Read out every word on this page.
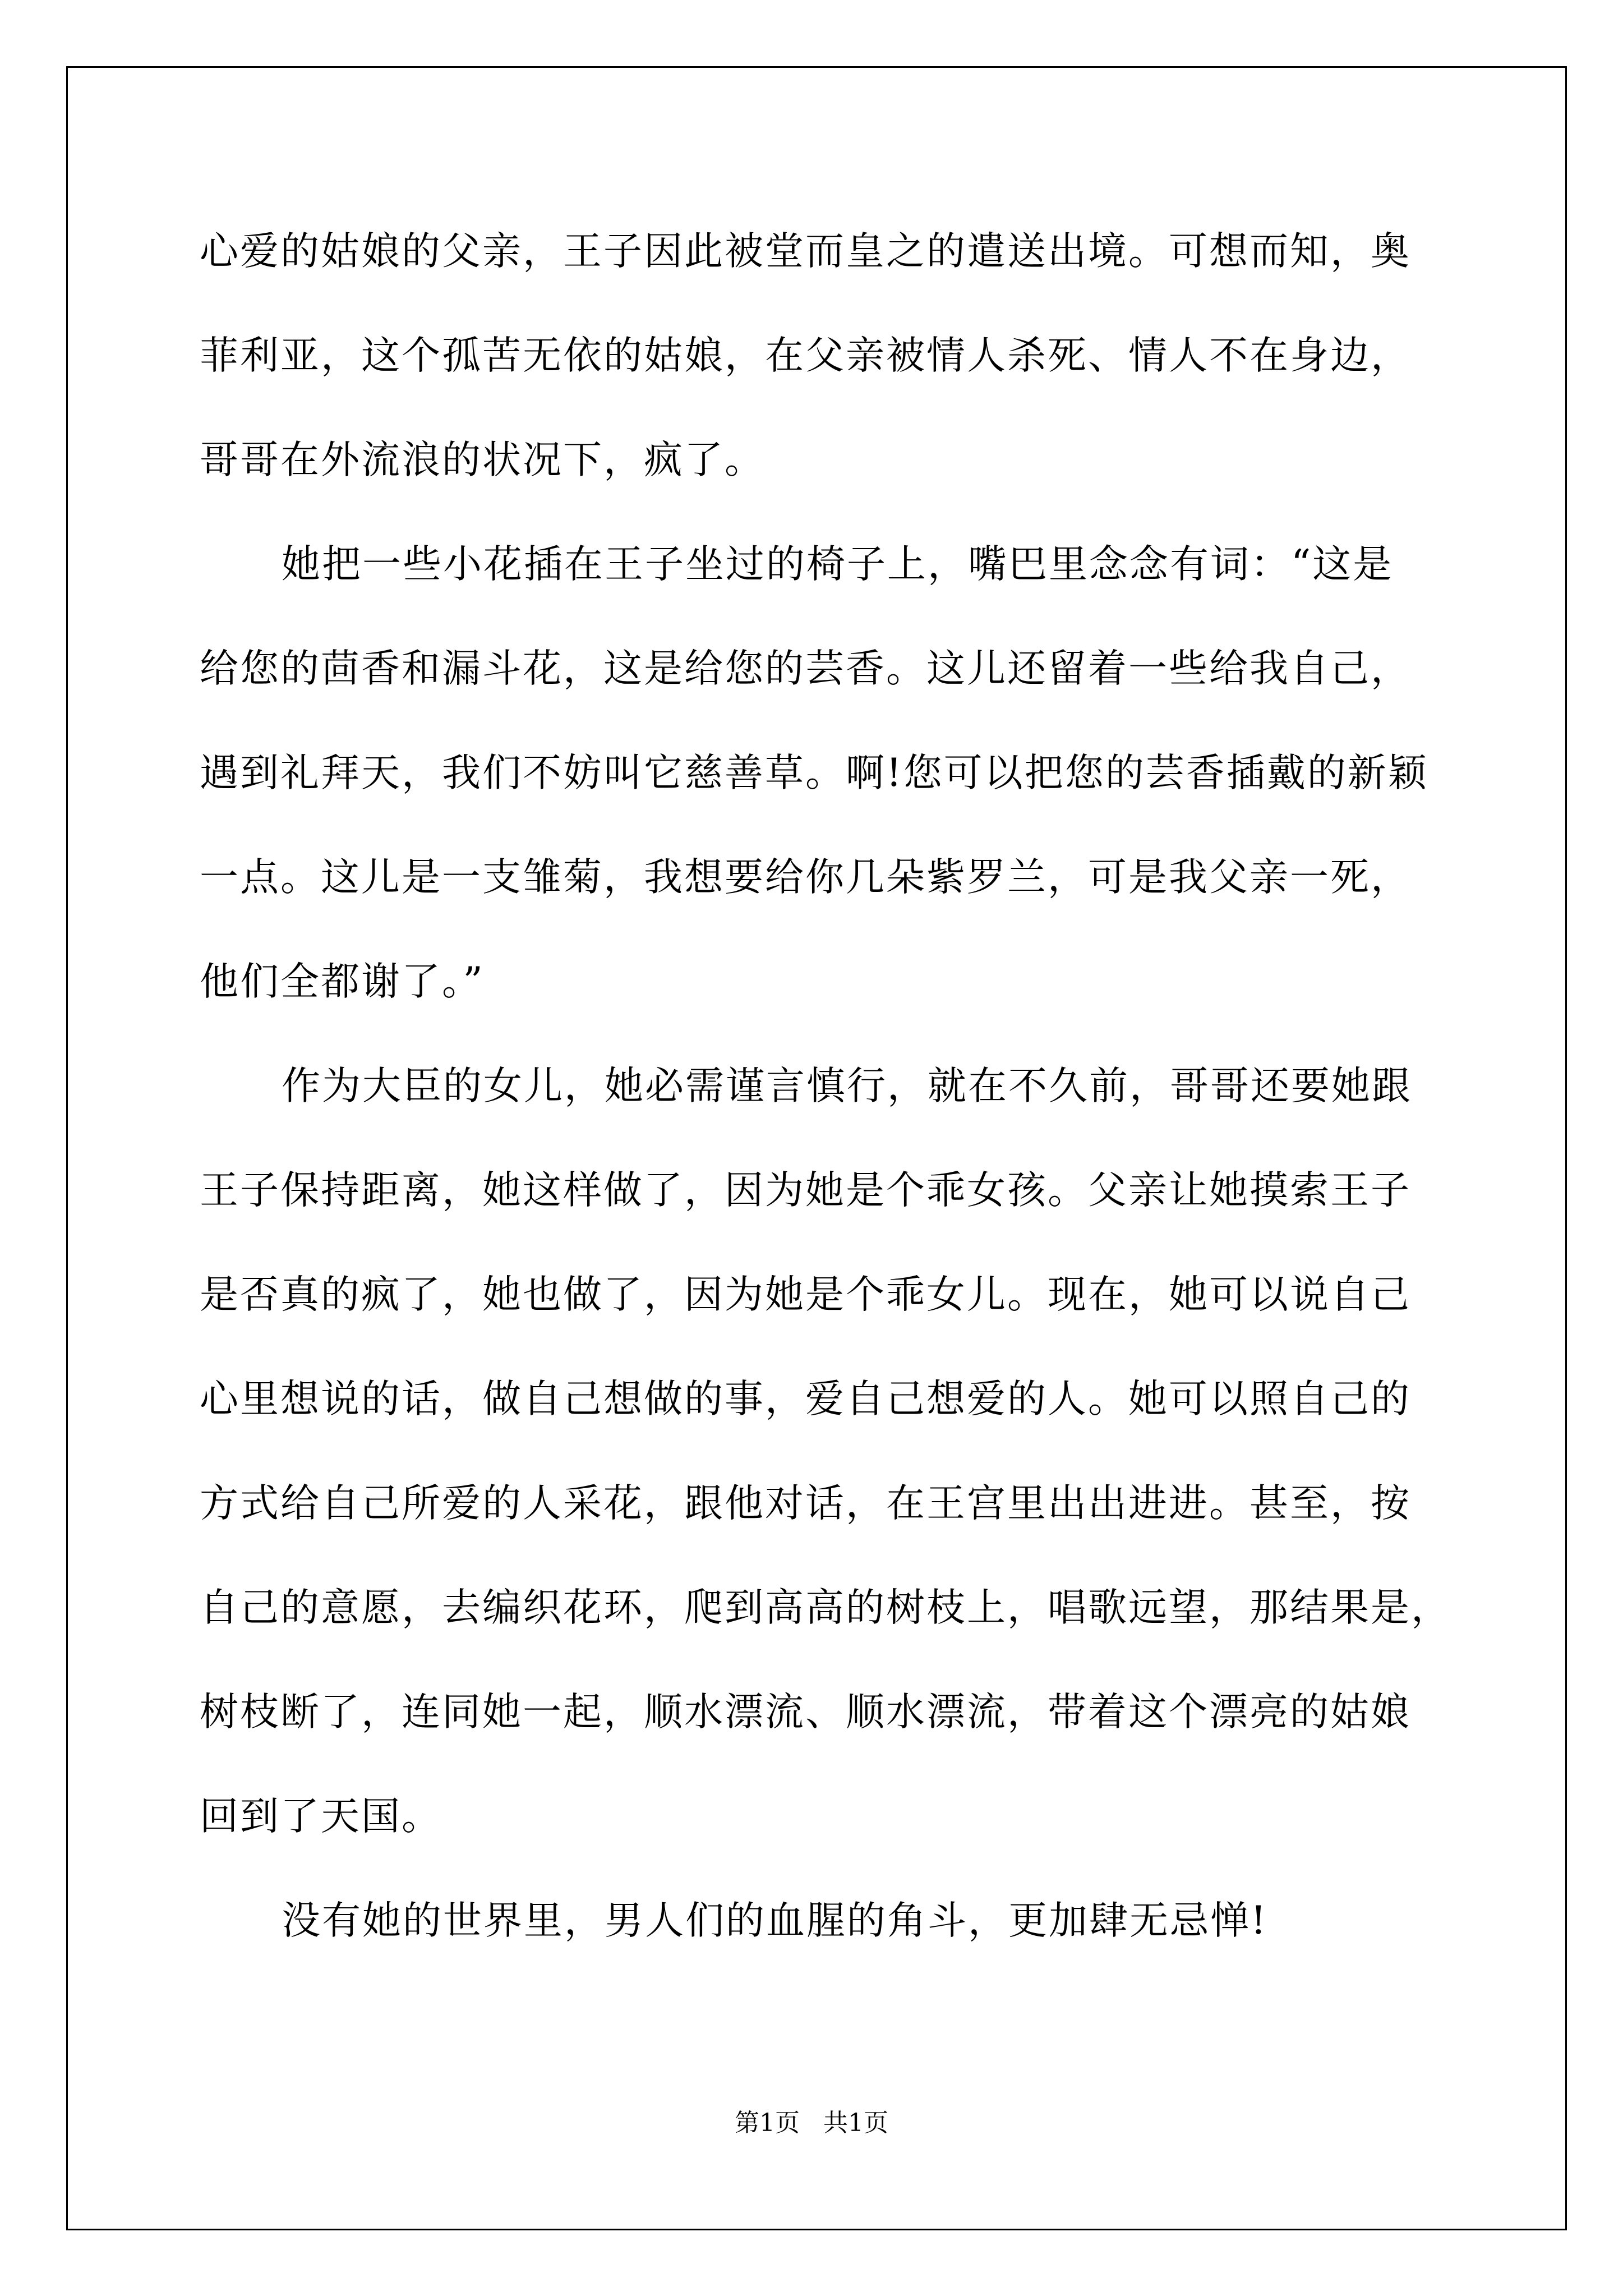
心爱的姑娘的父亲，王子因此被堂而皇之的遣送出境。可想而知，奥
菲利亚，这个孤苦无依的姑娘，在父亲被情人杀死、情人不在身边，
哥哥在外流浪的状况下，疯了。
她把一些小花插在王子坐过的椅子上，嘴巴里念念有词：“这是
给您的茴香和漏斗花，这是给您的芸香。这儿还留着一些给我自己，
遇到礼拜天，我们不妨叫它慈善草。啊!您可以把您的芸香插戴的新颖
一点。这儿是一支雏菊，我想要给你几朵紫罗兰，可是我父亲一死，
他们全都谢了。”
作为大臣的女儿，她必需谨言慎行，就在不久前，哥哥还要她跟
王子保持距离，她这样做了，因为她是个乖女孩。父亲让她摸索王子
是否真的疯了，她也做了，因为她是个乖女儿。现在，她可以说自己
心里想说的话，做自己想做的事，爱自己想爱的人。她可以照自己的
方式给自己所爱的人采花，跟他对话，在王宫里出出进进。甚至，按
自己的意愿，去编织花环，爬到高高的树枝上，唱歌远望，那结果是，
树枝断了，连同她一起，顺水漂流、顺水漂流，带着这个漂亮的姑娘
回到了天国。
没有她的世界里，男人们的血腥的角斗，更加肆无忌惮!
第1页   共1页
